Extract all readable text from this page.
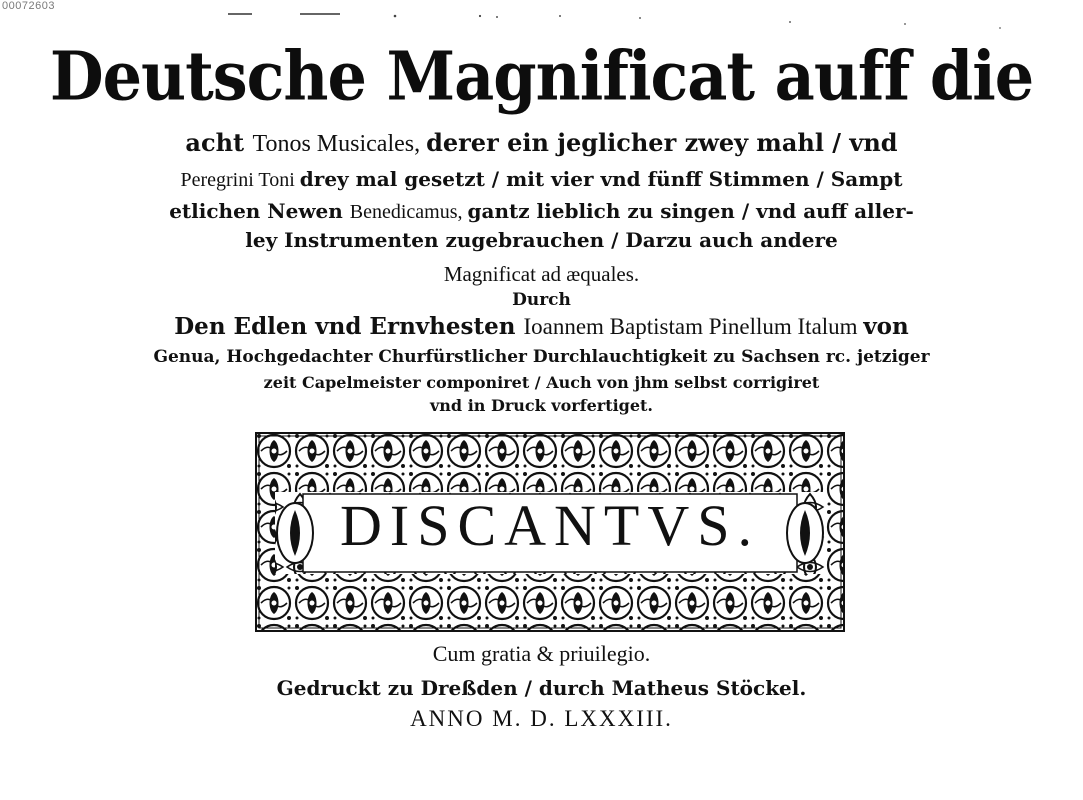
00072603
Deutsche Magnificat auff die
acht Tonos Musicales, derer ein jeglicher zwey mahl / vnd
Peregrini Toni drey mal gesetzt / mit vier vnd fünff Stimmen / Sampt
etlichen Newen Benedicamus, gantz lieblich zu singen / vnd auff aller-
ley Instrumenten zugebrauchen / Darzu auch andere
Magnificat ad æquales.
Durch
Den Edlen vnd Ernvhesten Ioannem Baptistam Pinellum Italum von
Genua, Hochgedachter Churfürstlicher Durchlauchtigkeit zu Sachsen rc. jetziger
zeit Capelmeister componiret / Auch von jhm selbst corrigiret
vnd in Druck vorfertiget.
DISCANTVS.
Cum gratia & priuilegio.
Gedruckt zu Dreßden / durch Matheus Stöckel.
ANNO M. D. LXXXIII.
